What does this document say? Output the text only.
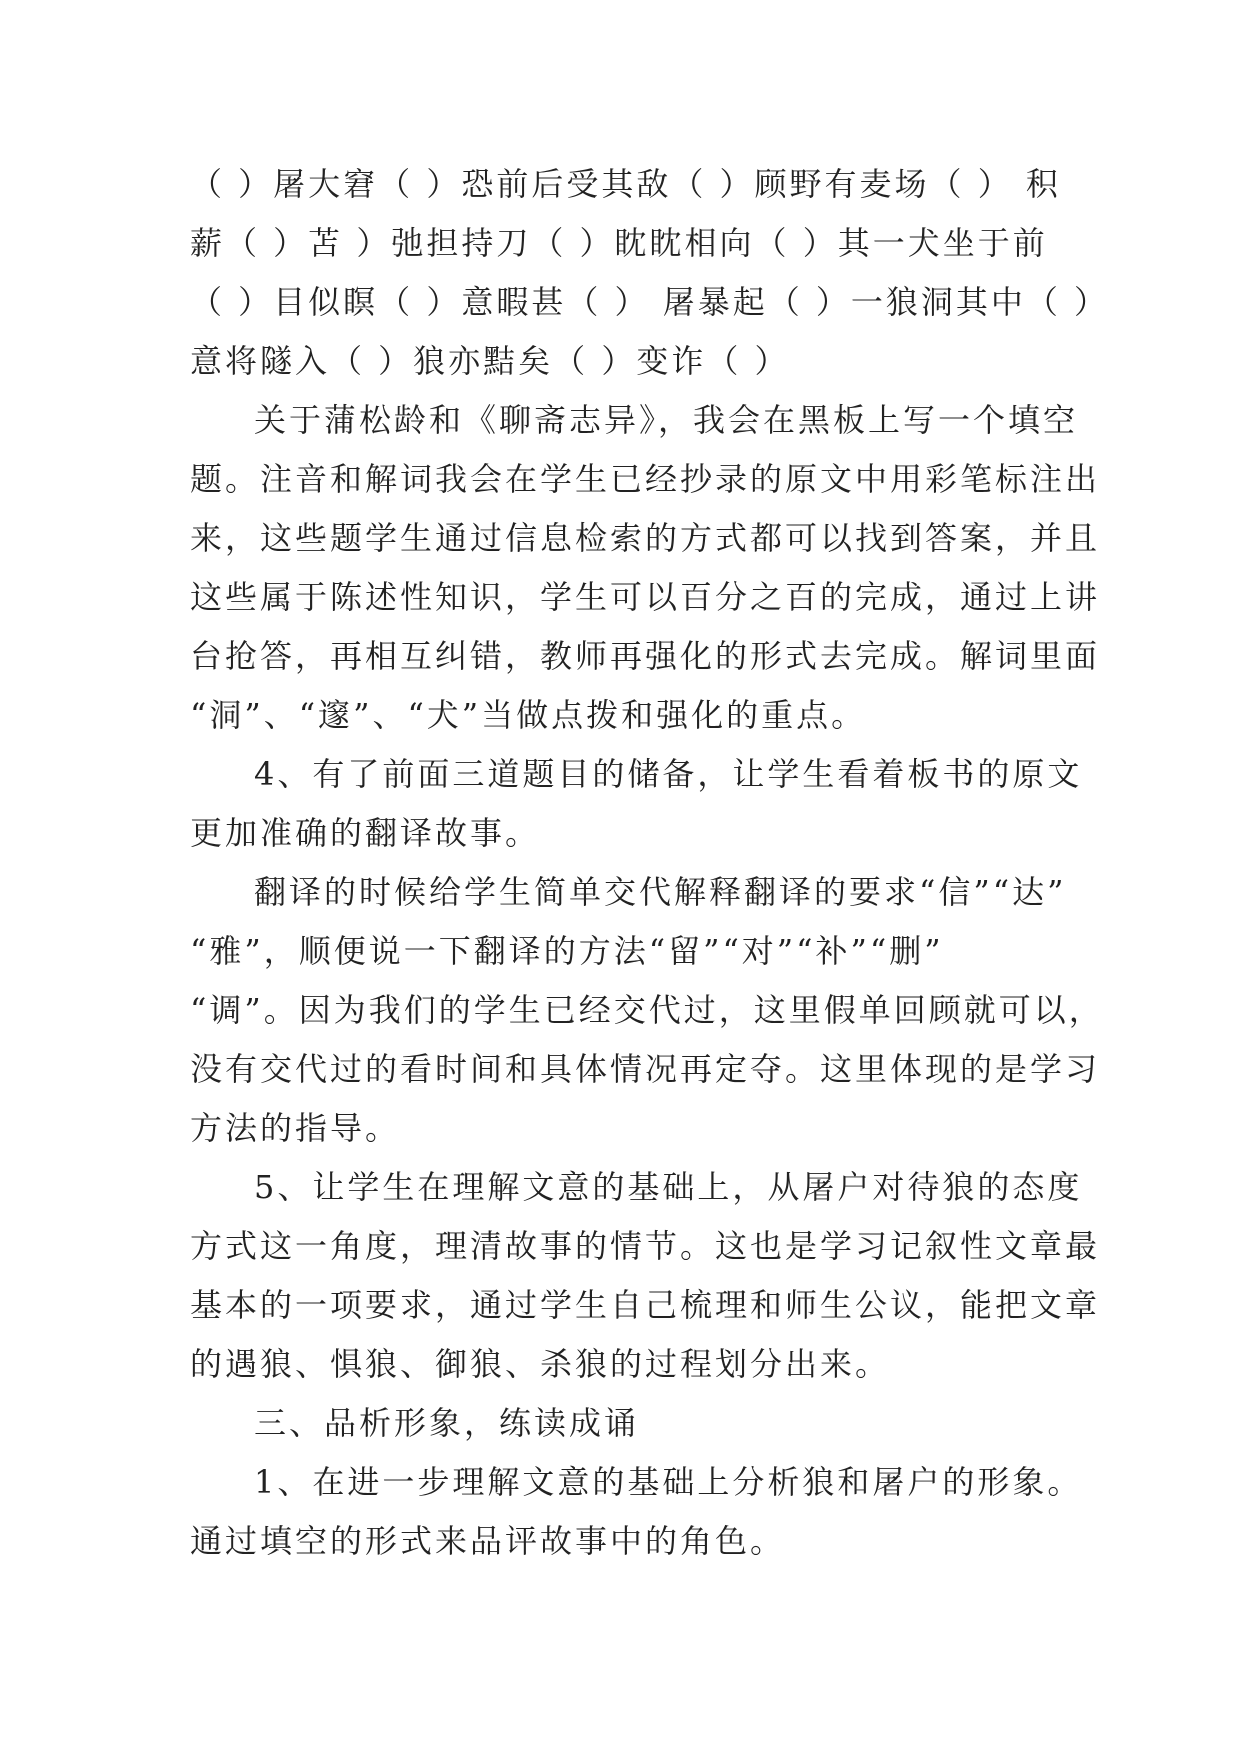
（ ）屠大窘（ ）恐前后受其敌（ ）顾野有麦场（ ） 积
薪（ ）苫 ）弛担持刀（ ）眈眈相向（ ）其一犬坐于前
（ ）目似瞑（ ）意暇甚（ ） 屠暴起（ ）一狼洞其中（ ）
意将隧入（ ）狼亦黠矣（ ）变诈（ ）
关于蒲松龄和《聊斋志异》，我会在黑板上写一个填空
题。注音和解词我会在学生已经抄录的原文中用彩笔标注出
来，这些题学生通过信息检索的方式都可以找到答案，并且
这些属于陈述性知识，学生可以百分之百的完成，通过上讲
台抢答，再相互纠错，教师再强化的形式去完成。解词里面
“洞”、“邃”、“犬”当做点拨和强化的重点。
4、有了前面三道题目的储备，让学生看着板书的原文
更加准确的翻译故事。
翻译的时候给学生简单交代解释翻译的要求“信”“达”
“雅”，顺便说一下翻译的方法“留”“对”“补”“删”
“调”。因为我们的学生已经交代过，这里假单回顾就可以，
没有交代过的看时间和具体情况再定夺。这里体现的是学习
方法的指导。
5、让学生在理解文意的基础上，从屠户对待狼的态度
方式这一角度，理清故事的情节。这也是学习记叙性文章最
基本的一项要求，通过学生自己梳理和师生公议，能把文章
的遇狼、惧狼、御狼、杀狼的过程划分出来。
三、品析形象，练读成诵
1、在进一步理解文意的基础上分析狼和屠户的形象。
通过填空的形式来品评故事中的角色。
